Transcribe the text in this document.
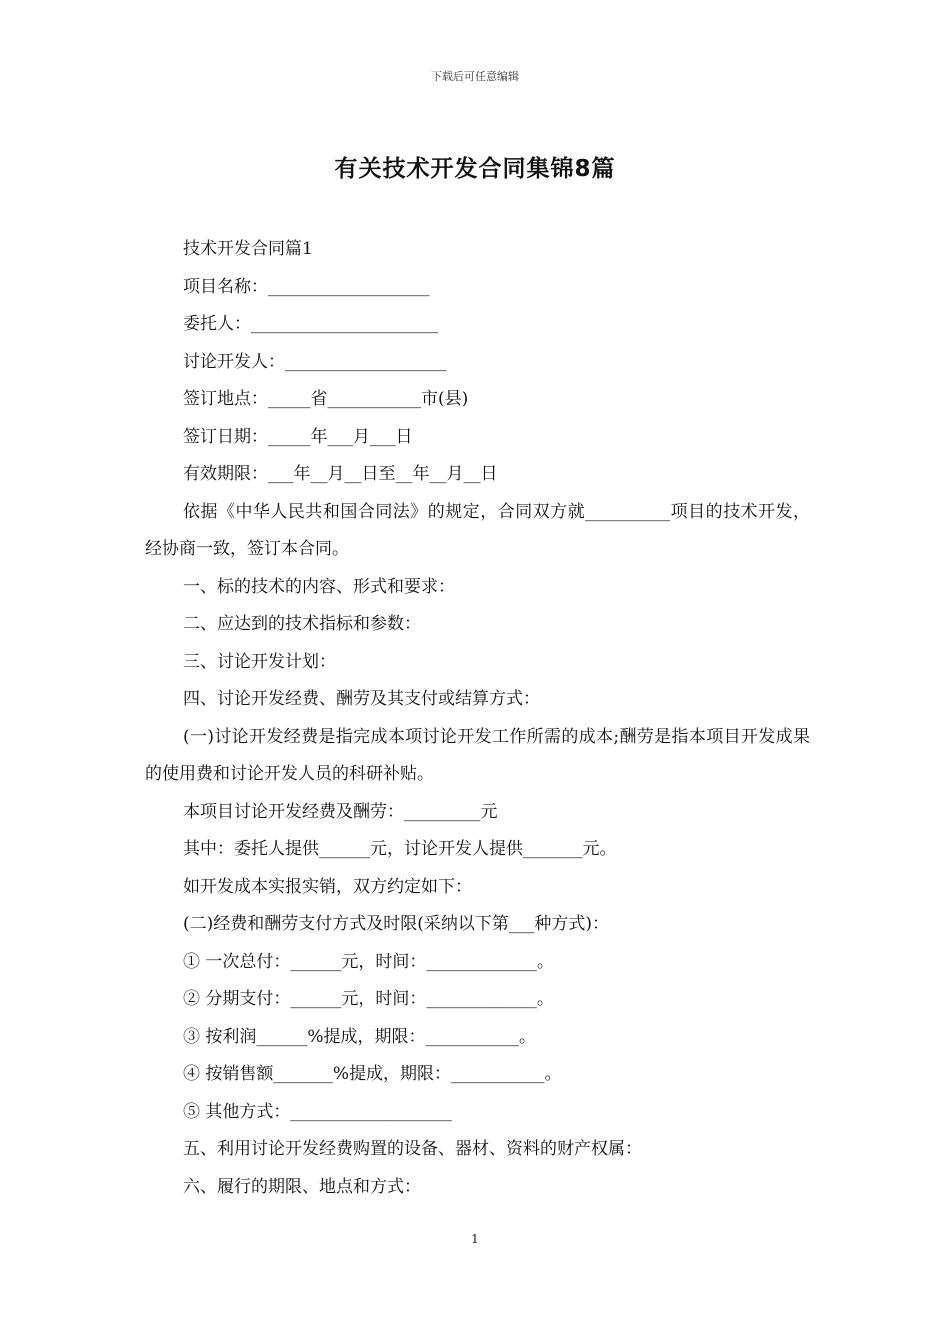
下载后可任意编辑
有关技术开发合同集锦8篇

技术开发合同篇1

项目名称：___________________

委托人：______________________

讨论开发人：___________________

签订地点：_____省___________市(县)

签订日期：_____年___月___日

有效期限：___年__月__日至__年__月__日

依据《中华人民共和国合同法》的规定，合同双方就__________项目的技术开发，经协商一致，签订本合同。

一、标的技术的内容、形式和要求：

二、应达到的技术指标和参数：

三、讨论开发计划：

四、讨论开发经费、酬劳及其支付或结算方式：

(一)讨论开发经费是指完成本项讨论开发工作所需的成本;酬劳是指本项目开发成果的使用费和讨论开发人员的科研补贴。

本项目讨论开发经费及酬劳：_________元

其中：委托人提供______元，讨论开发人提供_______元。

如开发成本实报实销，双方约定如下：

(二)经费和酬劳支付方式及时限(采纳以下第___种方式)：

① 一次总付：______元，时间：_____________。

② 分期支付：______元，时间：_____________。

③ 按利润______%提成，期限：___________。

④ 按销售额_______%提成，期限：___________。

⑤ 其他方式：___________________

五、利用讨论开发经费购置的设备、器材、资料的财产权属：

六、履行的期限、地点和方式：

1
